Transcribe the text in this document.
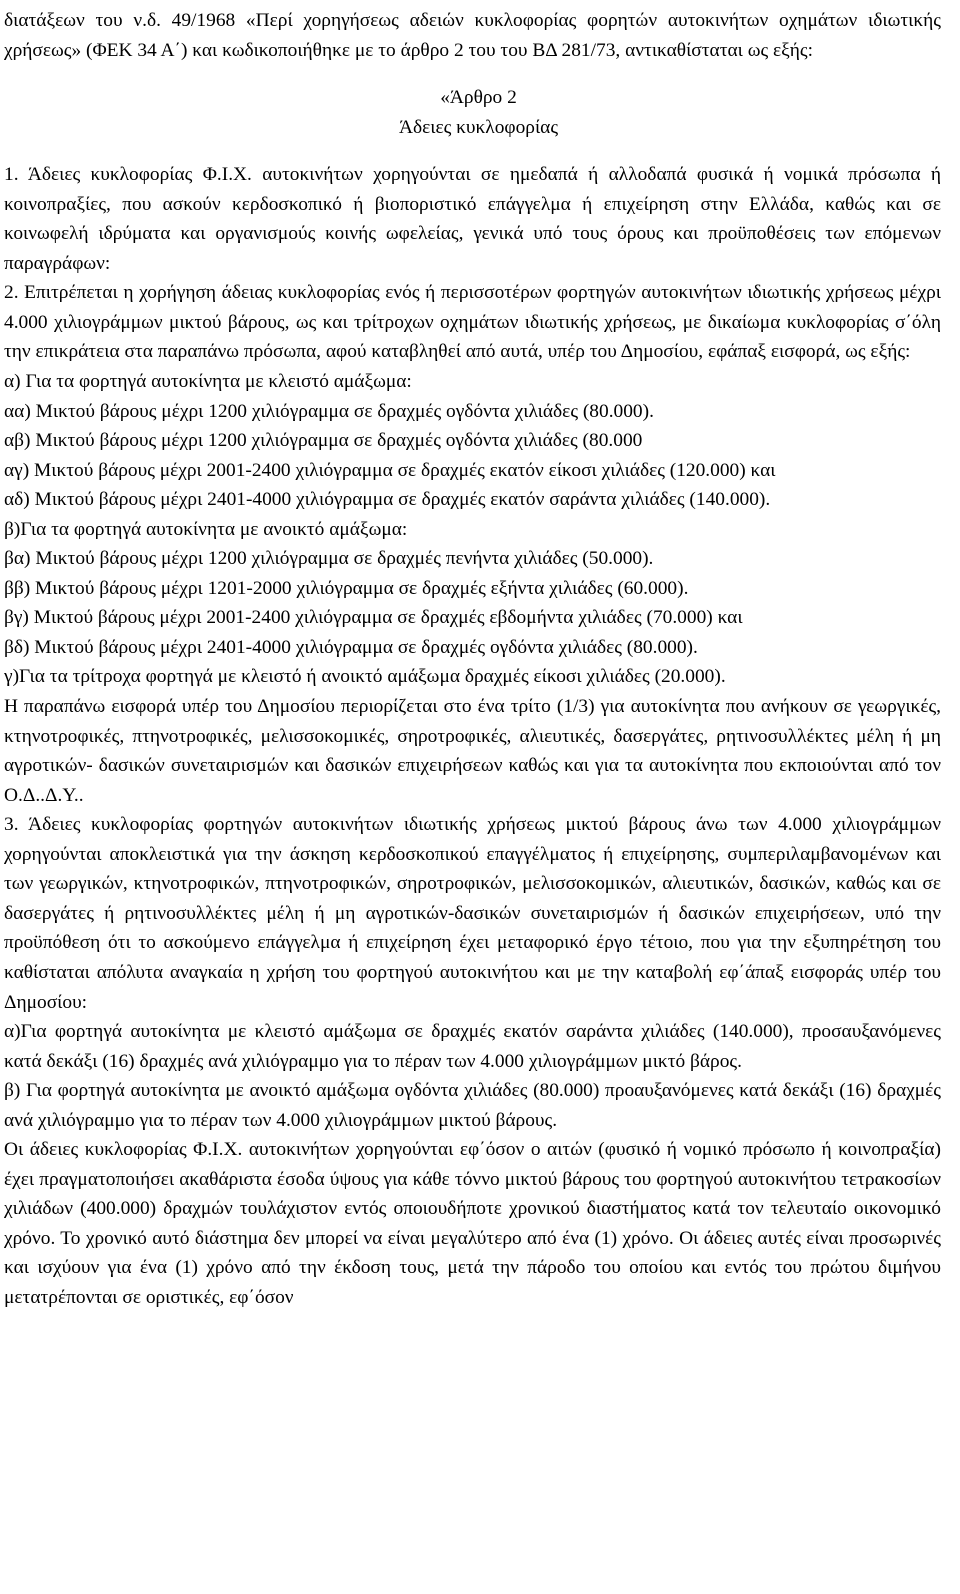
διατάξεων του ν.δ. 49/1968 «Περί χορηγήσεως αδειών κυκλοφορίας φορητών αυτοκινήτων οχημάτων ιδιωτικής χρήσεως» (ΦΕΚ 34 Α΄) και κωδικοποιήθηκε με το άρθρο 2 του του ΒΔ 281/73, αντικαθίσταται ως εξής:

«Άρθρο 2

Άδειες κυκλοφορίας

1. Άδειες κυκλοφορίας Φ.Ι.Χ. αυτοκινήτων χορηγούνται σε ημεδαπά ή αλλοδαπά φυσικά ή νομικά πρόσωπα ή κοινοπραξίες, που ασκούν κερδοσκοπικό ή βιοποριστικό επάγγελμα ή επιχείρηση στην Ελλάδα, καθώς και σε κοινωφελή ιδρύματα και οργανισμούς κοινής ωφελείας, γενικά υπό τους όρους και προϋποθέσεις των επόμενων παραγράφων:

2. Επιτρέπεται η χορήγηση άδειας κυκλοφορίας ενός ή περισσοτέρων φορτηγών αυτοκινήτων ιδιωτικής χρήσεως μέχρι 4.000 χιλιογράμμων μικτού βάρους, ως και τρίτροχων οχημάτων ιδιωτικής χρήσεως, με δικαίωμα κυκλοφορίας σ΄όλη την επικράτεια στα παραπάνω πρόσωπα, αφού καταβληθεί από αυτά, υπέρ του Δημοσίου, εφάπαξ εισφορά, ως εξής:

α) Για τα φορτηγά αυτοκίνητα με κλειστό αμάξωμα:

αα) Μικτού βάρους μέχρι 1200 χιλιόγραμμα σε δραχμές ογδόντα χιλιάδες (80.000).

αβ) Μικτού βάρους μέχρι 1200 χιλιόγραμμα σε δραχμές ογδόντα χιλιάδες (80.000

αγ) Μικτού βάρους μέχρι 2001-2400 χιλιόγραμμα σε δραχμές εκατόν είκοσι χιλιάδες (120.000) και

αδ) Μικτού βάρους μέχρι 2401-4000 χιλιόγραμμα σε δραχμές εκατόν σαράντα χιλιάδες (140.000).

β)Για τα φορτηγά αυτοκίνητα με ανοικτό αμάξωμα:

βα) Μικτού βάρους μέχρι 1200 χιλιόγραμμα σε δραχμές πενήντα χιλιάδες (50.000).

ββ) Μικτού βάρους μέχρι 1201-2000 χιλιόγραμμα σε δραχμές εξήντα χιλιάδες (60.000).

βγ) Μικτού βάρους μέχρι 2001-2400 χιλιόγραμμα σε δραχμές εβδομήντα χιλιάδες (70.000) και

βδ) Μικτού βάρους μέχρι 2401-4000 χιλιόγραμμα σε δραχμές ογδόντα χιλιάδες (80.000).

γ)Για τα τρίτροχα φορτηγά με κλειστό ή ανοικτό αμάξωμα δραχμές είκοσι χιλιάδες (20.000).

Η παραπάνω εισφορά υπέρ του Δημοσίου περιορίζεται στο ένα τρίτο (1/3) για αυτοκίνητα που ανήκουν σε γεωργικές, κτηνοτροφικές, πτηνοτροφικές, μελισσοκομικές, σηροτροφικές, αλιευτικές, δασεργάτες, ρητινοσυλλέκτες μέλη ή μη αγροτικών- δασικών συνεταιρισμών και δασικών επιχειρήσεων καθώς και για τα αυτοκίνητα που εκποιούνται από τον Ο.Δ..Δ.Υ..

3. Άδειες κυκλοφορίας φορτηγών αυτοκινήτων ιδιωτικής χρήσεως μικτού βάρους άνω των 4.000 χιλιογράμμων χορηγούνται αποκλειστικά για την άσκηση κερδοσκοπικού επαγγέλματος ή επιχείρησης, συμπεριλαμβανομένων και των γεωργικών, κτηνοτροφικών, πτηνοτροφικών, σηροτροφικών, μελισσοκομικών, αλιευτικών, δασικών, καθώς και σε δασεργάτες ή ρητινοσυλλέκτες μέλη ή μη αγροτικών-δασικών συνεταιρισμών ή δασικών επιχειρήσεων, υπό την προϋπόθεση ότι το ασκούμενο επάγγελμα ή επιχείρηση έχει μεταφορικό έργο τέτοιο, που για την εξυπηρέτηση του καθίσταται απόλυτα αναγκαία η χρήση του φορτηγού αυτοκινήτου και με την καταβολή εφ΄άπαξ εισφοράς υπέρ του Δημοσίου:

α)Για φορτηγά αυτοκίνητα με κλειστό αμάξωμα σε δραχμές εκατόν σαράντα χιλιάδες (140.000), προσαυξανόμενες κατά δεκάξι (16) δραχμές ανά χιλιόγραμμο για το πέραν των 4.000 χιλιογράμμων μικτό βάρος.

β) Για φορτηγά αυτοκίνητα με ανοικτό αμάξωμα ογδόντα χιλιάδες (80.000) προαυξανόμενες κατά δεκάξι (16) δραχμές ανά χιλιόγραμμο για το πέραν των 4.000 χιλιογράμμων μικτού βάρους.

Οι άδειες κυκλοφορίας Φ.Ι.Χ. αυτοκινήτων χορηγούνται εφ΄όσον ο αιτών (φυσικό ή νομικό πρόσωπο ή κοινοπραξία) έχει πραγματοποιήσει ακαθάριστα έσοδα ύψους για κάθε τόννο μικτού βάρους του φορτηγού αυτοκινήτου τετρακοσίων χιλιάδων (400.000) δραχμών τουλάχιστον εντός οποιουδήποτε χρονικού διαστήματος κατά τον τελευταίο οικονομικό χρόνο. Το χρονικό αυτό διάστημα δεν μπορεί να είναι μεγαλύτερο από ένα (1) χρόνο. Οι άδειες αυτές είναι προσωρινές και ισχύουν για ένα (1) χρόνο από την έκδοση τους, μετά την πάροδο του οποίου και εντός του πρώτου διμήνου μετατρέπονται σε οριστικές, εφ΄όσον
